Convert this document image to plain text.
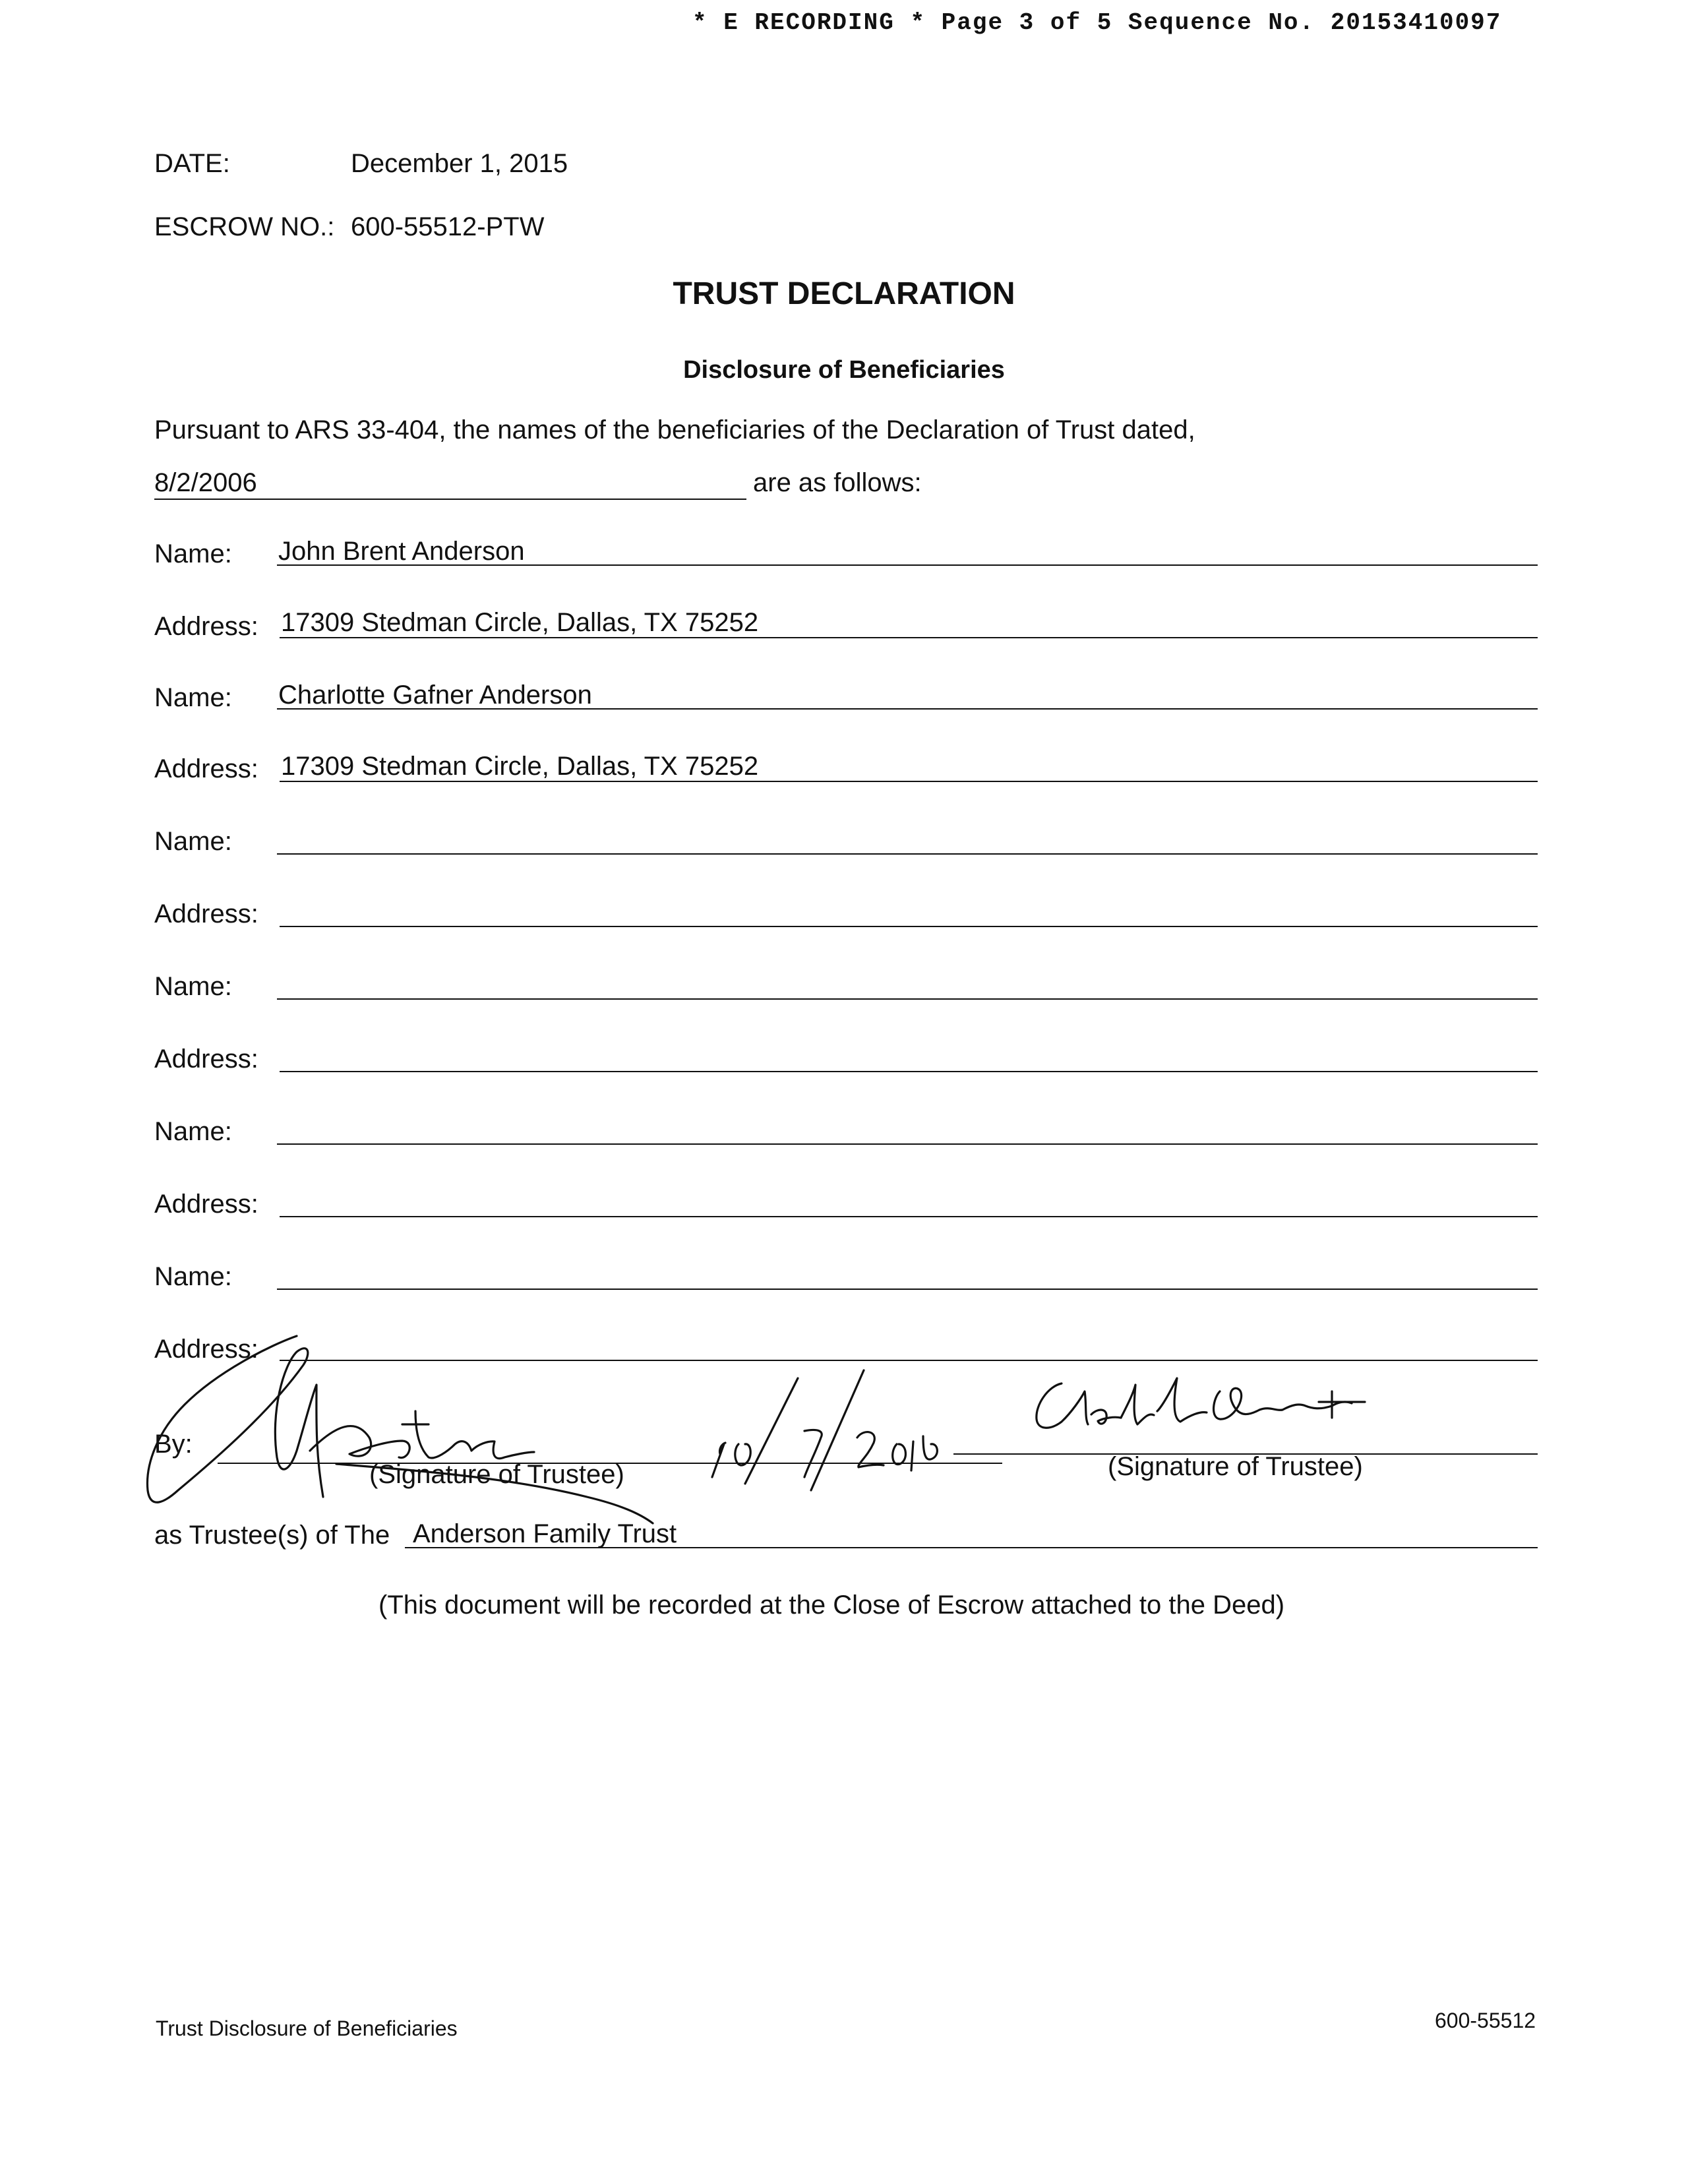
* E RECORDING * Page 3 of 5 Sequence No. 20153410097
DATE:	December 1, 2015
ESCROW NO.: 600-55512-PTW
TRUST DECLARATION
Disclosure of Beneficiaries
Pursuant to ARS 33-404, the names of the beneficiaries of the Declaration of Trust dated,
8/2/2006	are as follows:
Name: John Brent Anderson
Address: 17309 Stedman Circle, Dallas, TX 75252
Name: Charlotte Gafner Anderson
Address: 17309 Stedman Circle, Dallas, TX 75252
Name:
Address:
Name:
Address:
Name:
Address:
Name:
Address:
By:
(Signature of Trustee)	(Signature of Trustee)
as Trustee(s) of The Anderson Family Trust
(This document will be recorded at the Close of Escrow attached to the Deed)
Trust Disclosure of Beneficiaries	600-55512
